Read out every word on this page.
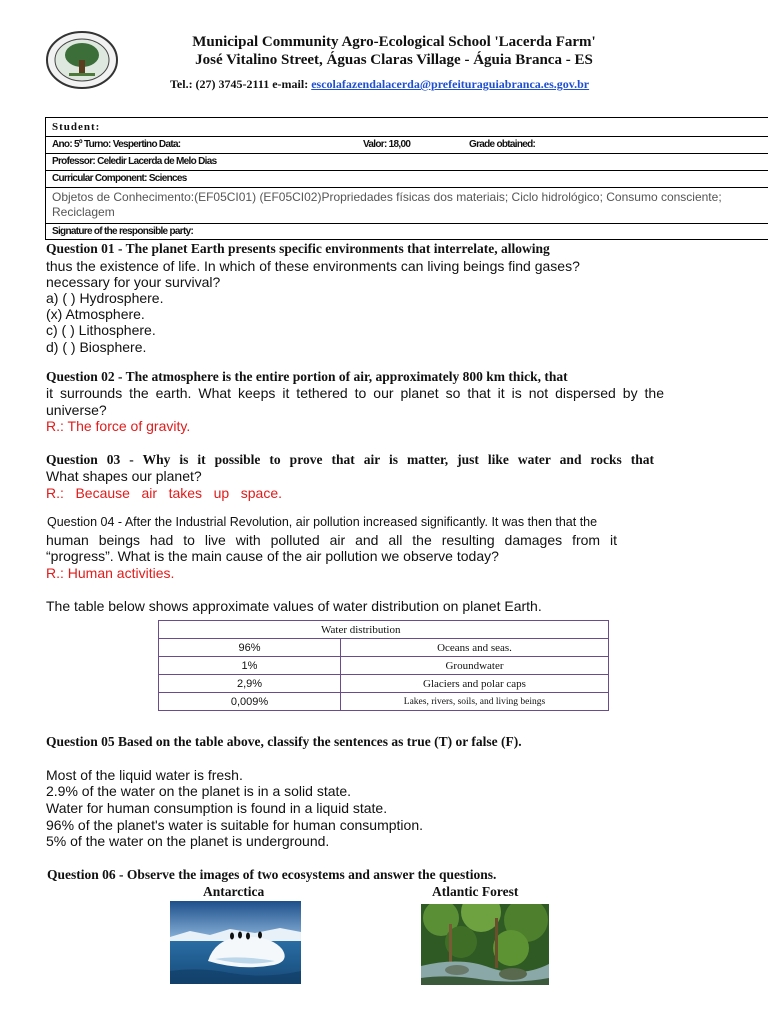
Municipal Community Agro-Ecological School 'Lacerda Farm'
José Vitalino Street, Águas Claras Village - Águia Branca - ES
Tel.: (27) 3745-2111 e-mail: escolafazendalacerda@prefeituraguiabranca.es.gov.br
Student:
Ano: 5º Turno: Vespertino Data:	Valor: 18,00	Grade obtained:
Professor: Celedir Lacerda de Melo Dias
Curricular Component: Sciences
Objetos de Conhecimento:(EF05CI01) (EF05CI02)Propriedades físicas dos materiais; Ciclo hidrológico; Consumo consciente; Reciclagem
Signature of the responsible party:
Question 01 - The planet Earth presents specific environments that interrelate, allowing
thus the existence of life. In which of these environments can living beings find gases?
necessary for your survival?
a) ( ) Hydrosphere.
(x) Atmosphere.
c) ( ) Lithosphere.
d) ( ) Biosphere.
Question 02 - The atmosphere is the entire portion of air, approximately 800 km thick, that
it surrounds the earth. What keeps it tethered to our planet so that it is not dispersed by the
universe?
R.: The force of gravity.
Question 03 - Why is it possible to prove that air is matter, just like water and rocks that
What shapes our planet?
R.: Because air takes up space.
Question 04 - After the Industrial Revolution, air pollution increased significantly. It was then that the
human beings had to live with polluted air and all the resulting damages from it
“progress”. What is the main cause of the air pollution we observe today?
R.: Human activities.
The table below shows approximate values of water distribution on planet Earth.
Water distribution	
96%	Oceans and seas.
1%	Groundwater
2,9%	Glaciers and polar caps
0,009%	Lakes, rivers, soils, and living beings
Question 05 Based on the table above, classify the sentences as true (T) or false (F).
Most of the liquid water is fresh.
2.9% of the water on the planet is in a solid state.
Water for human consumption is found in a liquid state.
96% of the planet's water is suitable for human consumption.
5% of the water on the planet is underground.
Question 06 - Observe the images of two ecosystems and answer the questions.
Antarctica	Atlantic Forest
